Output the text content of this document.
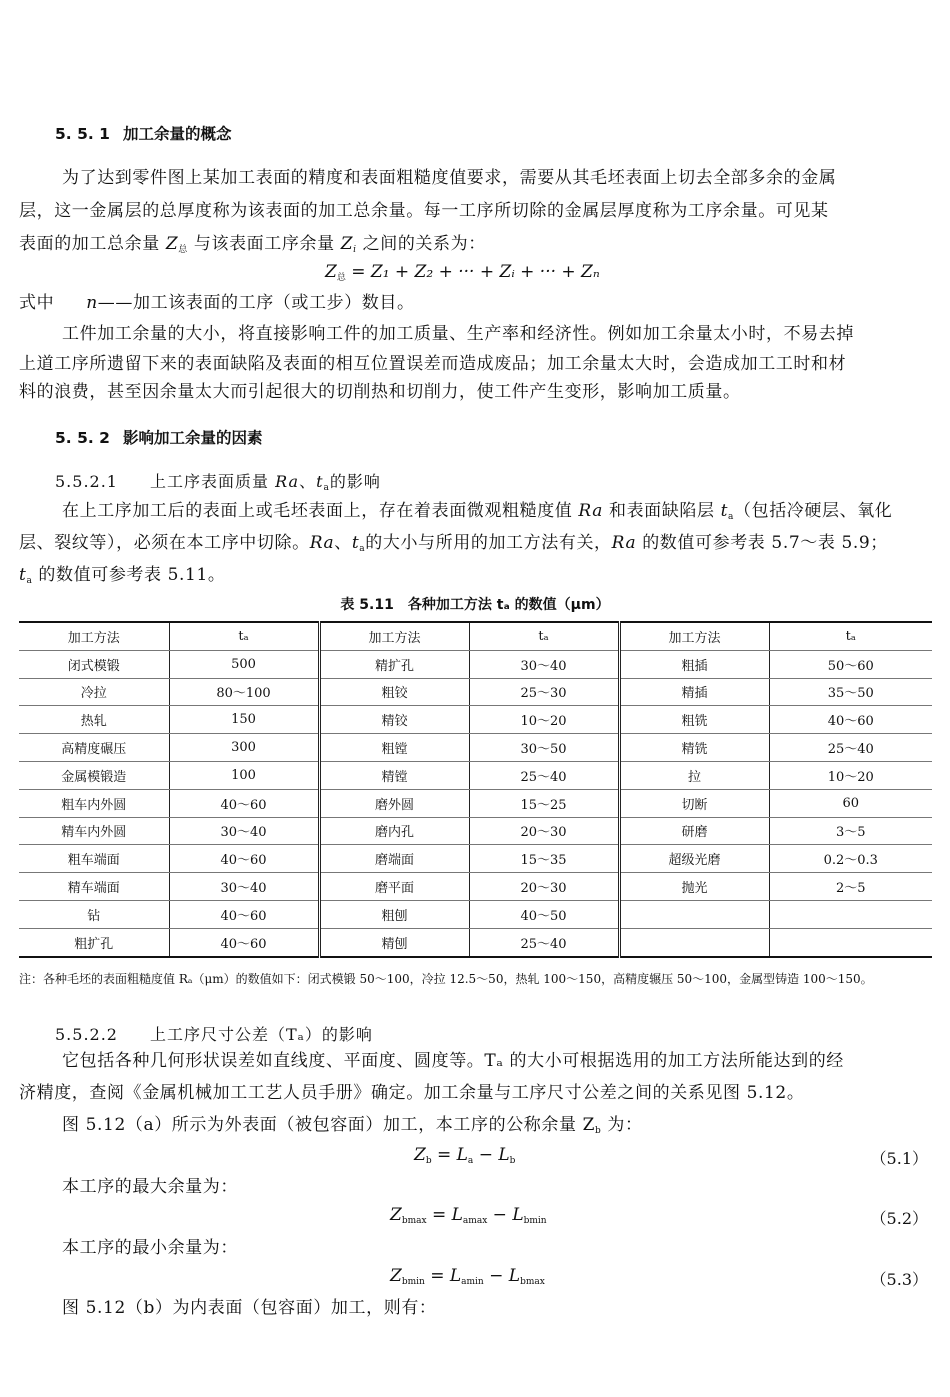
5. 5. 1 加工余量的概念
为了达到零件图上某加工表面的精度和表面粗糙度值要求，需要从其毛坯表面上切去全部多余的金属
层，这一金属层的总厚度称为该表面的加工总余量。每一工序所切除的金属层厚度称为工序余量。可见某
表面的加工总余量 $Z_总$ 与该表面工序余量 $Z_i$ 之间的关系为：
$Z_总 = Z_1 + Z_2$ + ··· + Zᵢ + ··· + Zₙ
式中 n——加工该表面的工序（或工步）数目。
工件加工余量的大小，将直接影响工件的加工质量、生产率和经济性。例如加工余量太小时，不易去掉
上道工序所遗留下来的表面缺陷及表面的相互位置误差而造成废品；加工余量太大时，会造成加工工时和材
料的浪费，甚至因余量太大而引起很大的切削热和切削力，使工件产生变形，影响加工质量。
5. 5. 2 影响加工余量的因素
5.5.2.1 上工序表面质量 Ra、$t_a$的影响
在上工序加工后的表面上或毛坯表面上，存在着表面微观粗糙度值 Ra 和表面缺陷层 $t_a$（包括冷硬层、氧化
层、裂纹等），必须在本工序中切除。Ra、$t_a$的大小与所用的加工方法有关，Ra 的数值可参考表 5.7～表 5.9；
$t_a$ 的数值可参考表 5.11。
表 5.11　各种加工方法 tₐ 的数值（μm）
加工方法	tₐ	加工方法	tₐ	加工方法	tₐ
闭式模锻	500	精扩孔	30～40	粗插	50～60
冷拉	80～100	粗铰	25～30	精插	35～50
热轧	150	精铰	10～20	粗铣	40～60
高精度碾压	300	粗镗	30～50	精铣	25～40
金属模锻造	100	精镗	25～40	拉	10～20
粗车内外圆	40～60	磨外圆	15～25	切断	60
精车内外圆	30～40	磨内孔	20～30	研磨	3～5
粗车端面	40～60	磨端面	15～35	超级光磨	0.2～0.3
精车端面	30～40	磨平面	20～30	抛光	2～5
钻	40～60	粗刨	40～50		
粗扩孔	40～60	精刨	25～40		
注：各种毛坯的表面粗糙度值 Rₐ（μm）的数值如下：闭式模锻 50～100，冷拉 12.5～50，热轧 100～150，高精度辗压 50～100，金属型铸造 100～150。
5.5.2.2 上工序尺寸公差（Tₐ）的影响
它包括各种几何形状误差如直线度、平面度、圆度等。Tₐ 的大小可根据选用的加工方法所能达到的经
济精度，查阅《金属机械加工工艺人员手册》确定。加工余量与工序尺寸公差之间的关系见图 5.12。
图 5.12（a）所示为外表面（被包容面）加工，本工序的公称余量 $Z_b$ 为：
$Z_b = L_a - L_b$	（5.1）
本工序的最大余量为：
$Z_{bmax} = L_{amax} - L_{bmin}$	（5.2）
本工序的最小余量为：
$Z_{bmin} = L_{amin} - L_{bmax}$	（5.3）
图 5.12（b）为内表面（包容面）加工，则有：
